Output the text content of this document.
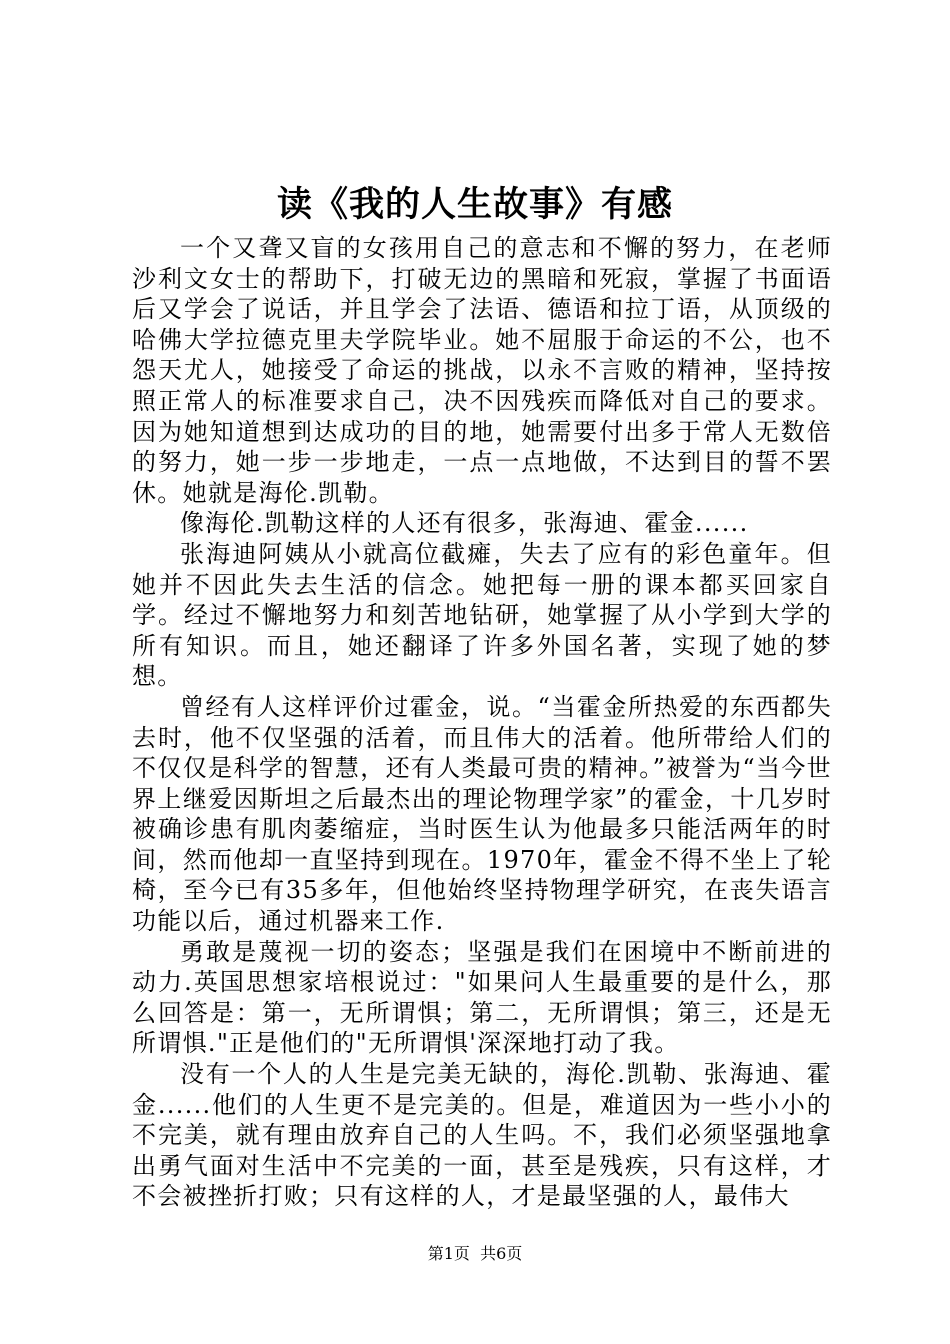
读《我的人生故事》有感

一个又聋又盲的女孩用自己的意志和不懈的努力，在老师沙利文女士的帮助下，打破无边的黑暗和死寂，掌握了书面语后又学会了说话，并且学会了法语、德语和拉丁语，从顶级的哈佛大学拉德克里夫学院毕业。她不屈服于命运的不公，也不怨天尤人，她接受了命运的挑战，以永不言败的精神，坚持按照正常人的标准要求自己，决不因残疾而降低对自己的要求。因为她知道想到达成功的目的地，她需要付出多于常人无数倍的努力，她一步一步地走，一点一点地做，不达到目的誓不罢休。她就是海伦.凯勒。

像海伦.凯勒这样的人还有很多，张海迪、霍金......

张海迪阿姨从小就高位截瘫，失去了应有的彩色童年。但她并不因此失去生活的信念。她把每一册的课本都买回家自学。经过不懈地努力和刻苦地钻研，她掌握了从小学到大学的所有知识。而且，她还翻译了许多外国名著，实现了她的梦想。

曾经有人这样评价过霍金，说。“当霍金所热爱的东西都失去时，他不仅坚强的活着，而且伟大的活着。他所带给人们的不仅仅是科学的智慧，还有人类最可贵的精神。”被誉为“当今世界上继爱因斯坦之后最杰出的理论物理学家”的霍金，十几岁时被确诊患有肌肉萎缩症，当时医生认为他最多只能活两年的时间，然而他却一直坚持到现在。1970年，霍金不得不坐上了轮椅，至今已有35多年，但他始终坚持物理学研究，在丧失语言功能以后，通过机器来工作.

勇敢是蔑视一切的姿态；坚强是我们在困境中不断前进的动力.英国思想家培根说过："如果问人生最重要的是什么，那么回答是：第一，无所谓惧；第二，无所谓惧；第三，还是无所谓惧."正是他们的"无所谓惧'深深地打动了我。

没有一个人的人生是完美无缺的，海伦.凯勒、张海迪、霍金......他们的人生更不是完美的。但是，难道因为一些小小的不完美，就有理由放弃自己的人生吗。不，我们必须坚强地拿出勇气面对生活中不完美的一面，甚至是残疾，只有这样，才不会被挫折打败；只有这样的人，才是最坚强的人，最伟大

第1页  共6页
